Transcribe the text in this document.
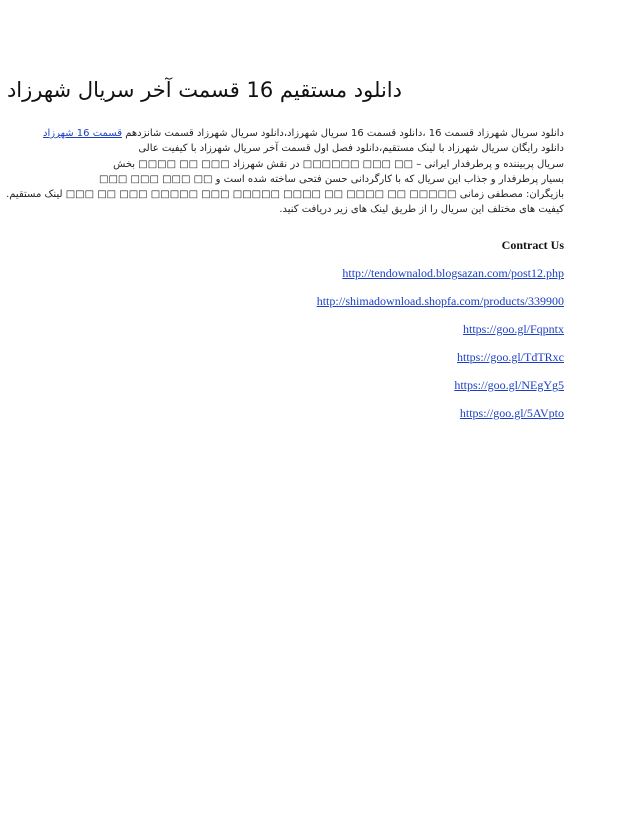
دانلود مستقیم 16 قسمت آخر سریال شهرزاد
دانلود سریال شهرزاد قسمت 16 ،دانلود قسمت 16 سریال شهرزاد،دانلود سریال شهرزاد قسمت شانزدهم قسمت 16 شهرزاد
دانلود رایگان سریال شهرزاد با لینک مستقیم،دانلود فصل اول قسمت آخر سریال شهرزاد با کیفیت عالی
سریال پربیننده و پرطرفدار ایرانی – □□ □□□ □□□□□□ در نقش شهرزاد □□□ □□ □□□□ بخش
بسیار پرطرفدار و جذاب این سریال که با کارگردانی حسن فتحی ساخته شده است و □□ □□□ □□□ □□□
بازیگران: مصطفی زمانی □□□□□ □□ □□□□ □□ □□□□ □□□□□ □□□ □□□□□ □□□ □□ □□□ لینک مستقیم.
کیفیت های مختلف این سریال را از طریق لینک های زیر دریافت کنید.
Contract Us
http://tendownalod.blogsazan.com/post12.php
http://shimadownload.shopfa.com/products/339900
https://goo.gl/Fqpntx
https://goo.gl/TdTRxc
https://goo.gl/NEgYg5
https://goo.gl/5AVpto
